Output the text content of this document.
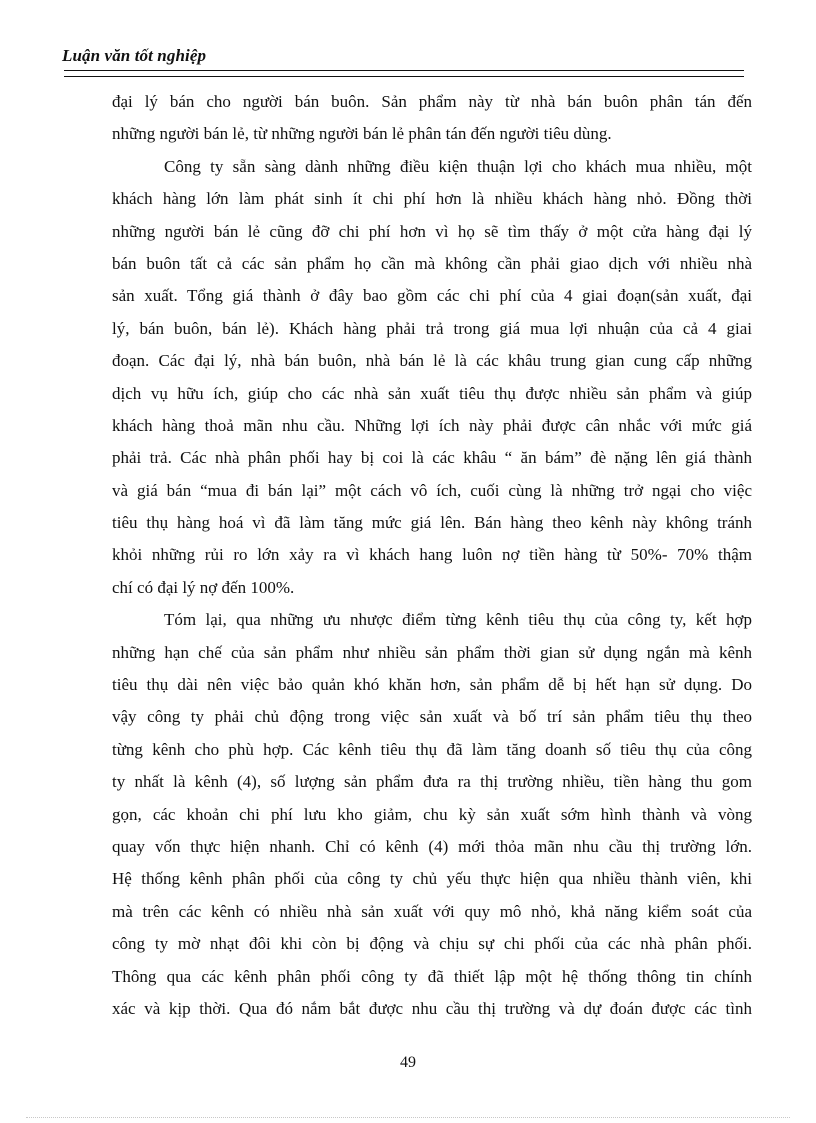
Luận văn tốt nghiệp
đại lý bán cho người bán buôn. Sản phẩm này từ nhà bán buôn phân tán đến
những người bán lẻ, từ những người bán lẻ phân tán đến người tiêu dùng.
Công ty sẵn sàng dành những điều kiện thuận lợi cho khách mua nhiều, một
khách hàng lớn làm phát sinh ít chi phí hơn là nhiều khách hàng nhỏ. Đồng thời
những người bán lẻ cũng đỡ chi phí hơn vì họ sẽ tìm thấy ở một cửa hàng đại lý
bán buôn tất cả các sản phẩm họ cần mà không cần phải giao dịch với nhiều nhà
sản xuất. Tổng giá thành ở đây bao gồm các chi phí của 4 giai đoạn(sản xuất, đại
lý, bán buôn, bán lẻ). Khách hàng phải trả trong giá mua lợi nhuận của cả 4 giai
đoạn. Các đại lý, nhà bán buôn, nhà bán lẻ là các khâu trung gian cung cấp những
dịch vụ hữu ích, giúp cho các nhà sản xuất tiêu thụ được nhiều sản phẩm và giúp
khách hàng thoả mãn nhu cầu. Những lợi ích này phải được cân nhắc với mức giá
phải trả. Các nhà phân phối hay bị coi là các khâu “ ăn bám” đè nặng lên giá thành
và giá bán “mua đi bán lại” một cách vô ích, cuối cùng là những trở ngại cho việc
tiêu thụ hàng hoá vì đã làm tăng mức giá lên. Bán hàng theo kênh này không tránh
khỏi những rủi ro lớn xảy ra vì khách hang luôn nợ tiền hàng từ 50%- 70% thậm
chí có đại lý nợ đến 100%.
Tóm lại, qua những ưu nhược điểm từng kênh tiêu thụ của công ty, kết hợp
những hạn chế của sản phẩm như nhiều sản phẩm thời gian sử dụng ngắn mà kênh
tiêu thụ dài nên việc bảo quản khó khăn hơn, sản phẩm dễ bị hết hạn sử dụng. Do
vậy công ty phải chủ động trong việc sản xuất và bố trí sản phẩm tiêu thụ theo
từng kênh cho phù hợp. Các kênh tiêu thụ đã làm tăng doanh số tiêu thụ của công
ty nhất là kênh (4), số lượng sản phẩm đưa ra thị trường nhiều, tiền hàng thu gom
gọn, các khoản chi phí lưu kho giảm, chu kỳ sản xuất sớm hình thành và vòng
quay vốn thực hiện nhanh. Chỉ có kênh (4) mới thỏa mãn nhu cầu thị trường lớn.
Hệ thống kênh phân phối của công ty chủ yếu thực hiện qua nhiều thành viên, khi
mà trên các kênh có nhiều nhà sản xuất với quy mô nhỏ, khả năng kiểm soát của
công ty mờ nhạt đôi khi còn bị động và chịu sự chi phối của các nhà phân phối.
Thông qua các kênh phân phối công ty đã thiết lập một hệ thống thông tin chính
xác và kịp thời. Qua đó nắm bắt được nhu cầu thị trường và dự đoán được các tình
49
